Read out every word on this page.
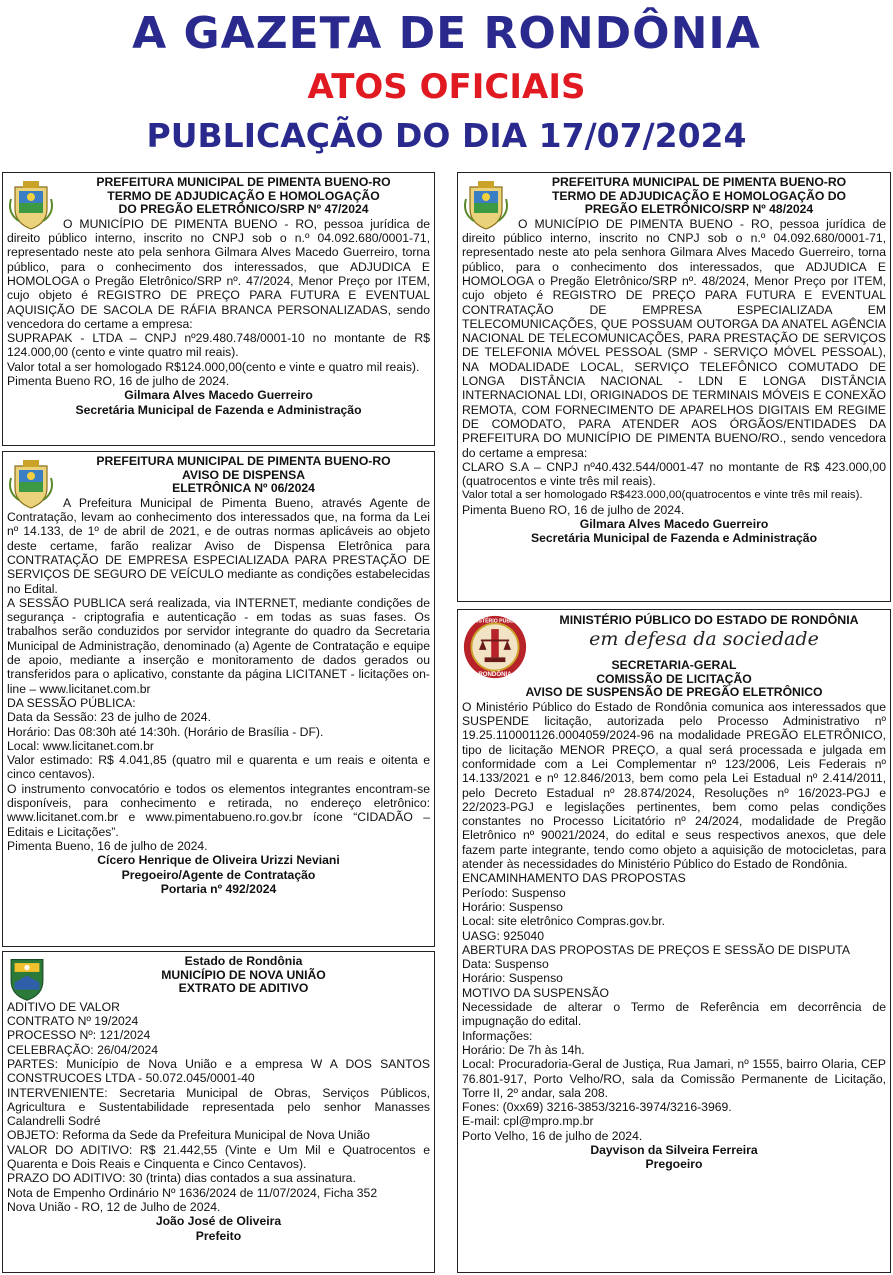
A GAZETA DE RONDÔNIA
ATOS OFICIAIS
PUBLICAÇÃO DO DIA 17/07/2024
PREFEITURA MUNICIPAL DE PIMENTA BUENO-RO
TERMO DE ADJUDICAÇÃO E HOMOLOGAÇÃO
DO PREGÃO ELETRÔNICO/SRP Nº 47/2024

O MUNICÍPIO DE PIMENTA BUENO - RO, pessoa jurídica de direito público interno, inscrito no CNPJ sob o n.º 04.092.680/0001-71, representado neste ato pela senhora Gilmara Alves Macedo Guerreiro, torna público, para o conhecimento dos interessados, que ADJUDICA E HOMOLOGA o Pregão Eletrônico/SRP nº. 47/2024, Menor Preço por ITEM, cujo objeto é REGISTRO DE PREÇO PARA FUTURA E EVENTUAL AQUISIÇÃO DE SACOLA DE RÁFIA BRANCA PERSONALIZADAS, sendo vencedora do certame a empresa:

SUPRAPAK - LTDA – CNPJ nº29.480.748/0001-10 no montante de R$ 124.000,00 (cento e vinte quatro mil reais).

Valor total a ser homologado R$124.000,00(cento e vinte e quatro mil reais).

Pimenta Bueno RO, 16 de julho de 2024.

Gilmara Alves Macedo Guerreiro
Secretária Municipal de Fazenda e Administração
PREFEITURA MUNICIPAL DE PIMENTA BUENO-RO
AVISO DE DISPENSA
ELETRÔNICA Nº 06/2024

A Prefeitura Municipal de Pimenta Bueno, através Agente de Contratação, levam ao conhecimento dos interessados que, na forma da Lei nº 14.133, de 1º de abril de 2021, e de outras normas aplicáveis ao objeto deste certame, farão realizar Aviso de Dispensa Eletrônica para CONTRATAÇÃO DE EMPRESA ESPECIALIZADA PARA PRESTAÇÃO DE SERVIÇOS DE SEGURO DE VEÍCULO mediante as condições estabelecidas no Edital.

A SESSÃO PUBLICA será realizada, via INTERNET, mediante condições de segurança - criptografia e autenticação - em todas as suas fases. Os trabalhos serão conduzidos por servidor integrante do quadro da Secretaria Municipal de Administração, denominado (a) Agente de Contratação e equipe de apoio, mediante a inserção e monitoramento de dados gerados ou transferidos para o aplicativo, constante da página LICITANET - licitações on-line – www.licitanet.com.br

DA SESSÃO PÚBLICA:

Data da Sessão: 23 de julho de 2024.

Horário: Das 08:30h até 14:30h. (Horário de Brasília - DF).

Local: www.licitanet.com.br

Valor estimado: R$ 4.041,85 (quatro mil e quarenta e um reais e oitenta e cinco centavos).

O instrumento convocatório e todos os elementos integrantes encontram-se disponíveis, para conhecimento e retirada, no endereço eletrônico: www.licitanet.com.br e www.pimentabueno.ro.gov.br ícone “CIDADÃO – Editais e Licitações”.

Pimenta Bueno, 16 de julho de 2024.

Cícero Henrique de Oliveira Urizzi Neviani
Pregoeiro/Agente de Contratação
Portaria nº 492/2024
Estado de Rondônia
MUNICÍPIO DE NOVA UNIÃO
EXTRATO DE ADITIVO

ADITIVO DE VALOR

CONTRATO Nº 19/2024

PROCESSO Nº: 121/2024

CELEBRAÇÃO: 26/04/2024

PARTES: Município de Nova União e a empresa W A DOS SANTOS CONSTRUCOES LTDA - 50.072.045/0001-40

INTERVENIENTE: Secretaria Municipal de Obras, Serviços Públicos, Agricultura e Sustentabilidade representada pelo senhor Manasses Calandrelli Sodré

OBJETO: Reforma da Sede da Prefeitura Municipal de Nova União

VALOR DO ADITIVO: R$ 21.442,55 (Vinte e Um Mil e Quatrocentos e Quarenta e Dois Reais e Cinquenta e Cinco Centavos).

PRAZO DO ADITIVO: 30 (trinta) dias contados a sua assinatura.

Nota de Empenho Ordinário Nº 1636/2024 de 11/07/2024, Ficha 352

Nova União - RO, 12 de Julho de 2024.

João José de Oliveira
Prefeito
PREFEITURA MUNICIPAL DE PIMENTA BUENO-RO
TERMO DE ADJUDICAÇÃO E HOMOLOGAÇÃO DO
PREGÃO ELETRÔNICO/SRP Nº 48/2024

O MUNICÍPIO DE PIMENTA BUENO - RO, pessoa jurídica de direito público interno, inscrito no CNPJ sob o n.º 04.092.680/0001-71, representado neste ato pela senhora Gilmara Alves Macedo Guerreiro, torna público, para o conhecimento dos interessados, que ADJUDICA E HOMOLOGA o Pregão Eletrônico/SRP nº. 48/2024, Menor Preço por ITEM, cujo objeto é REGISTRO DE PREÇO PARA FUTURA E EVENTUAL CONTRATAÇÃO DE EMPRESA ESPECIALIZADA EM TELECOMUNICAÇÕES, QUE POSSUAM OUTORGA DA ANATEL AGÊNCIA NACIONAL DE TELECOMUNICAÇÕES, PARA PRESTAÇÃO DE SERVIÇOS DE TELEFONIA MÓVEL PESSOAL (SMP - SERVIÇO MÓVEL PESSOAL), NA MODALIDADE LOCAL, SERVIÇO TELEFÔNICO COMUTADO DE LONGA DISTÂNCIA NACIONAL - LDN E LONGA DISTÂNCIA INTERNACIONAL LDI, ORIGINADOS DE TERMINAIS MÓVEIS E CONEXÃO REMOTA, COM FORNECIMENTO DE APARELHOS DIGITAIS EM REGIME DE COMODATO, PARA ATENDER AOS ÓRGÃOS/ENTIDADES DA PREFEITURA DO MUNICÍPIO DE PIMENTA BUENO/RO., sendo vencedora do certame a empresa:

CLARO S.A – CNPJ nº40.432.544/0001-47 no montante de R$ 423.000,00 (quatrocentos e vinte três mil reais).

Valor total a ser homologado R$423.000,00(quatrocentos e vinte três mil reais).

Pimenta Bueno RO, 16 de julho de 2024.

Gilmara Alves Macedo Guerreiro
Secretária Municipal de Fazenda e Administração
RONDÔNIA
MINISTÉRIO PÚBLICO	MINISTÉRIO PÚBLICO DO ESTADO DE RONDÔNIA
em defesa da sociedade
SECRETARIA-GERAL
COMISSÃO DE LICITAÇÃO
AVISO DE SUSPENSÃO DE PREGÃO ELETRÔNICO

O Ministério Público do Estado de Rondônia comunica aos interessados que SUSPENDE licitação, autorizada pelo Processo Administrativo nº 19.25.110001126.0004059/2024-96 na modalidade PREGÃO ELETRÔNICO, tipo de licitação MENOR PREÇO, a qual será processada e julgada em conformidade com a Lei Complementar nº 123/2006, Leis Federais nº 14.133/2021 e nº 12.846/2013, bem como pela Lei Estadual nº 2.414/2011, pelo Decreto Estadual nº 28.874/2024, Resoluções nº 16/2023-PGJ e 22/2023-PGJ e legislações pertinentes, bem como pelas condições constantes no Processo Licitatório nº 24/2024, modalidade de Pregão Eletrônico nº 90021/2024, do edital e seus respectivos anexos, que dele fazem parte integrante, tendo como objeto a aquisição de motocicletas, para atender às necessidades do Ministério Público do Estado de Rondônia.

ENCAMINHAMENTO DAS PROPOSTAS

Período: Suspenso

Horário: Suspenso

Local: site eletrônico Compras.gov.br.

UASG: 925040

ABERTURA DAS PROPOSTAS DE PREÇOS E SESSÃO DE DISPUTA

Data: Suspenso

Horário: Suspenso

MOTIVO DA SUSPENSÃO

Necessidade de alterar o Termo de Referência em decorrência de impugnação do edital.

Informações:

Horário: De 7h às 14h.

Local: Procuradoria-Geral de Justiça, Rua Jamari, nº 1555, bairro Olaria, CEP 76.801-917, Porto Velho/RO, sala da Comissão Permanente de Licitação, Torre II, 2º andar, sala 208.

Fones: (0xx69) 3216-3853/3216-3974/3216-3969.

E-mail: cpl@mpro.mp.br

Porto Velho, 16 de julho de 2024.

Dayvison da Silveira Ferreira
Pregoeiro
